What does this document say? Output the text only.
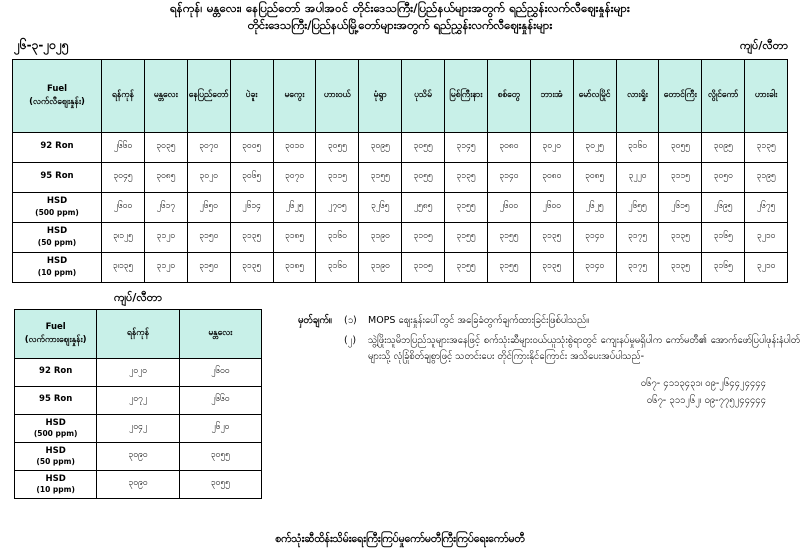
ရန်ကုန်၊ မန္တလေး၊ နေပြည်တော် အပါအဝင် တိုင်းဒေသကြီး/ပြည်နယ်များအတွက် ရည်ညွှန်းလက်လီဈေးနှုန်းများ
တိုင်းဒေသကြီး/ပြည်နယ်မြို့တော်များအတွက် ရည်ညွှန်းလက်လီဈေးနှုန်းများ
၂၆-၃-၂၀၂၅	ကျပ်/လီတာ
Fuel
(လက်လီဈေးနှုန်း)	ရန်ကုန်	မန္တလေး	နေပြည်တော်	ပဲခူး	မကွေး	ဟားဝယ်	မုံရွာ	ပုသိမ်	မြစ်ကြီးနား	စစ်တွေ	ဘားအံ	မော်လမြိုင်	လားရှိုး	တောင်ကြီး	လွိုင်ကော်	ဟားခါး
92 Ron	၂၆၆၀	၃၀၃၅	၃၀၇၀	၃၀၀၅	၃၀၁၀	၃၀၅၅	၃၀၉၅	၃၀၅၅	၃၁၄၅	၃၀၈၀	၃၀၂၀	၃၀၂၅	၃၁၆၀	၃၀၅၅	၃၀၉၅	၃၁၃၅
95 Ron	၃၀၄၅	၃၀၈၅	၃၀၂၀	၃၀၆၅	၃၀၇၀	၃၁၁၅	၃၁၅၅	၃၀၅၅	၃၁၃၅	၃၁၄၀	၃၀၈၀	၃၀၈၅	၃၂၂၀	၃၁၁၅	၃၀၅၀	၃၁၉၅
HSD
(500 ppm)	၂၆၀၀	၂၆၁၇	၂၆၅၀	၂၆၁၄	၂၆၂၅	၂၇၀၅	၃၂၆၅	၂၅၈၅	၃၁၅၅	၂၆၀၀	၂၆၀၀	၂၆၂၅	၂၆၅၅	၂၆၁၅	၂၆၉၅	၂၆၇၅
HSD
(50 ppm)	၃၊၁၂၅	၃၁၂၀	၃၁၅၀	၃၁၃၅	၃၁၈၅	၃၁၆၀	၃၁၉၀	၃၁၀၅	၃၁၅၅	၃၁၅၅	၃၁၃၅	၃၁၄၀	၃၁၇၅	၃၁၃၅	၃၁၆၅	၃၂၁၀
HSD
(10 ppm)	၃၊၁၃၅	၃၁၂၀	၃၁၅၀	၃၁၃၅	၃၁၈၅	၃၁၆၀	၃၁၉၀	၃၁၀၅	၃၁၅၅	၃၁၅၅	၃၁၃၅	၃၁၄၀	၃၁၇၅	၃၁၃၅	၃၁၆၅	၃၂၁၀
ကျပ်/လီတာ
Fuel
(လက်ကားဈေးနှုန်း)	ရန်ကုန်	မန္တလေး
92 Ron	၂၀၂၀	၂၆၀၀
95 Ron	၂၀၇၂	၂၆၆၀
HSD
(500 ppm)	၂၀၄၂	၂၆၂၀
HSD
(50 ppm)	၃၀၉၀	၃၀၅၅
HSD
(10 ppm)	၃၀၉၀	၃၀၅၅
မှတ်ချက်။	(၁)	MOPS ဈေးနှုန်းပေါ်တွင် အခြေခံတွက်ချက်ထားခြင်းဖြစ်ပါသည်။
(၂)	သွဲ့ဖြိုးသူမိဘပြည်သူများအနေဖြင့် စက်သုံးဆီများဝယ်ယူသုံးစွဲရာတွင် ကျေးနပ်မှုမရှိပါက ကော်မတီ၏ အောက်ဖော်ပြပါဖုန်းနံပါတ်များသို့ လုံခြုံစိတ်ချစွာဖြင့် သတင်းပေး တိုင်ကြားနိုင်ကြောင်း အသိပေးအပ်ပါသည်-
ဝ၆၇- ၄၁၁၃၄၃၁၊ ဝ၉-၂၆၄၄၂၄၄၄၄
ဝ၆၇- ၃၁၁၂၆၂၊ ဝ၉-၇၇၅၂၄၄၄၄၄
စက်သုံးဆီထိန်းသိမ်းရေးကြီးကြပ်မှုကော်မတီကြီးကြပ်ရေးကော်မတီ
